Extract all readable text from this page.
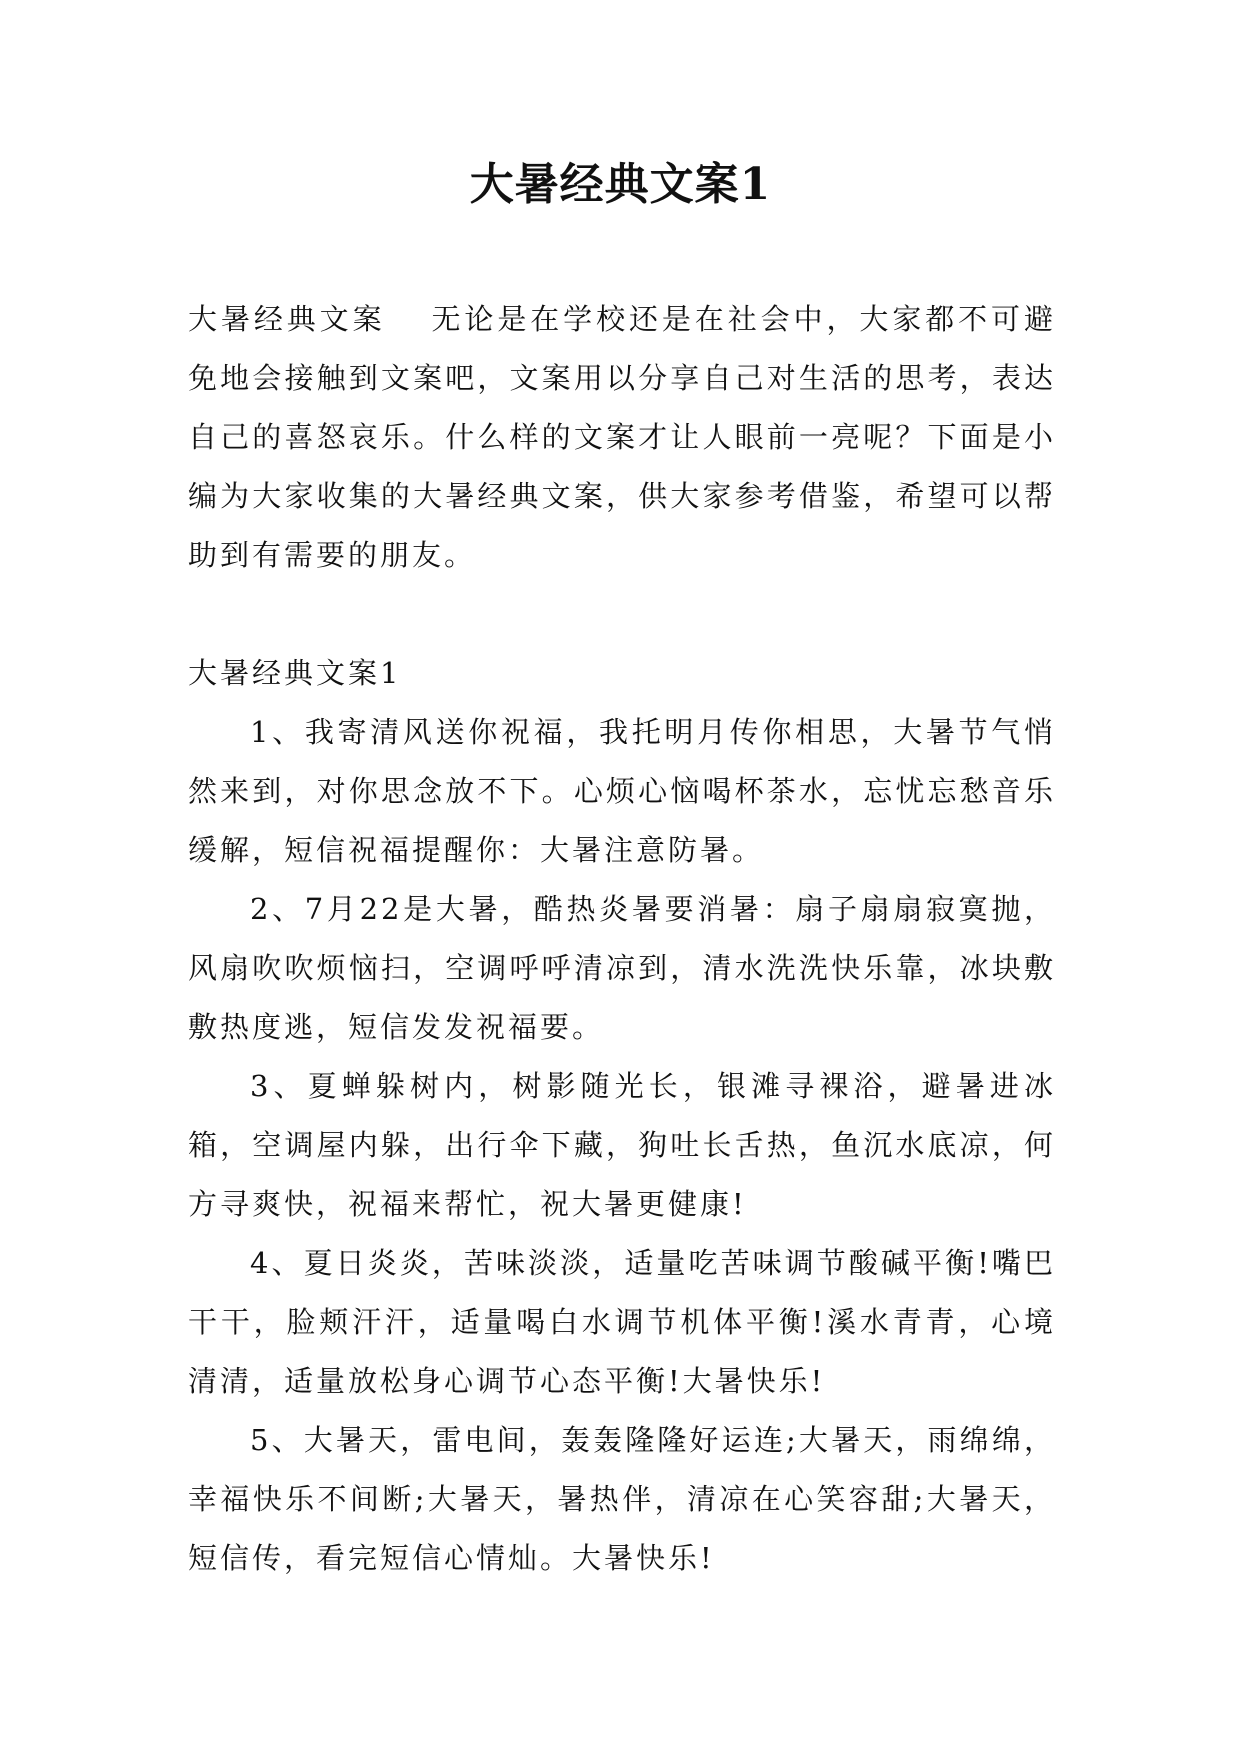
大暑经典文案1

大暑经典文案 无论是在学校还是在社会中，大家都不可避免地会接触到文案吧，文案用以分享自己对生活的思考，表达自己的喜怒哀乐。什么样的文案才让人眼前一亮呢？下面是小编为大家收集的大暑经典文案，供大家参考借鉴，希望可以帮助到有需要的朋友。

大暑经典文案1

1、我寄清风送你祝福，我托明月传你相思，大暑节气悄然来到，对你思念放不下。心烦心恼喝杯茶水，忘忧忘愁音乐缓解，短信祝福提醒你：大暑注意防暑。

2、7月22是大暑，酷热炎暑要消暑：扇子扇扇寂寞抛，风扇吹吹烦恼扫，空调呼呼清凉到，清水洗洗快乐靠，冰块敷敷热度逃，短信发发祝福要。

3、夏蝉躲树内，树影随光长，银滩寻裸浴，避暑进冰箱，空调屋内躲，出行伞下藏，狗吐长舌热，鱼沉水底凉，何方寻爽快，祝福来帮忙，祝大暑更健康!

4、夏日炎炎，苦味淡淡，适量吃苦味调节酸碱平衡!嘴巴干干，脸颊汗汗，适量喝白水调节机体平衡!溪水青青，心境清清，适量放松身心调节心态平衡!大暑快乐!

5、大暑天，雷电间，轰轰隆隆好运连;大暑天，雨绵绵，幸福快乐不间断;大暑天，暑热伴，清凉在心笑容甜;大暑天，短信传，看完短信心情灿。大暑快乐!
